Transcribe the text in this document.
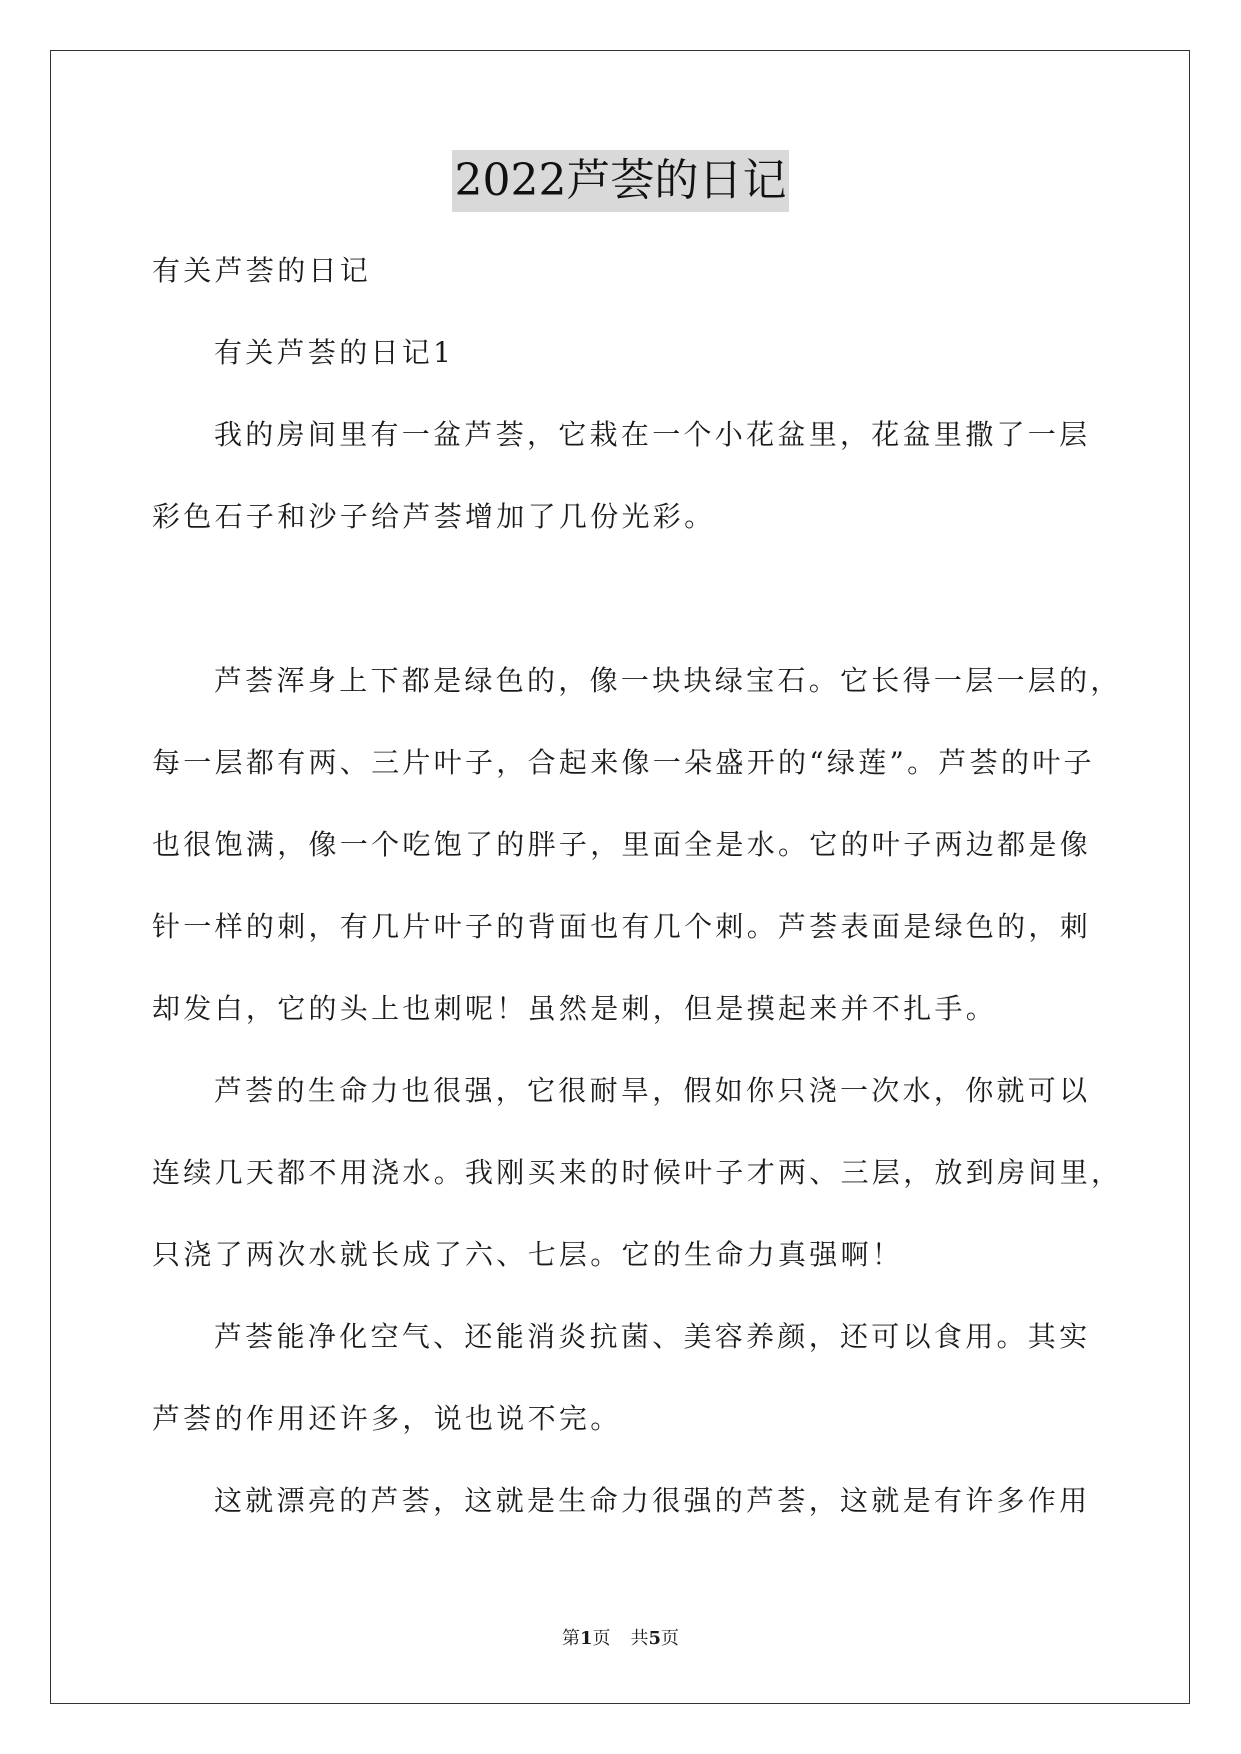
2022芦荟的日记

有关芦荟的日记

有关芦荟的日记1

我的房间里有一盆芦荟，它栽在一个小花盆里，花盆里撒了一层

彩色石子和沙子给芦荟增加了几份光彩。

芦荟浑身上下都是绿色的，像一块块绿宝石。它长得一层一层的，

每一层都有两、三片叶子，合起来像一朵盛开的“绿莲”。芦荟的叶子

也很饱满，像一个吃饱了的胖子，里面全是水。它的叶子两边都是像

针一样的刺，有几片叶子的背面也有几个刺。芦荟表面是绿色的，刺

却发白，它的头上也刺呢！虽然是刺，但是摸起来并不扎手。

芦荟的生命力也很强，它很耐旱，假如你只浇一次水，你就可以

连续几天都不用浇水。我刚买来的时候叶子才两、三层，放到房间里，

只浇了两次水就长成了六、七层。它的生命力真强啊！

芦荟能净化空气、还能消炎抗菌、美容养颜，还可以食用。其实

芦荟的作用还许多，说也说不完。

这就漂亮的芦荟，这就是生命力很强的芦荟，这就是有许多作用

第1页 共5页
